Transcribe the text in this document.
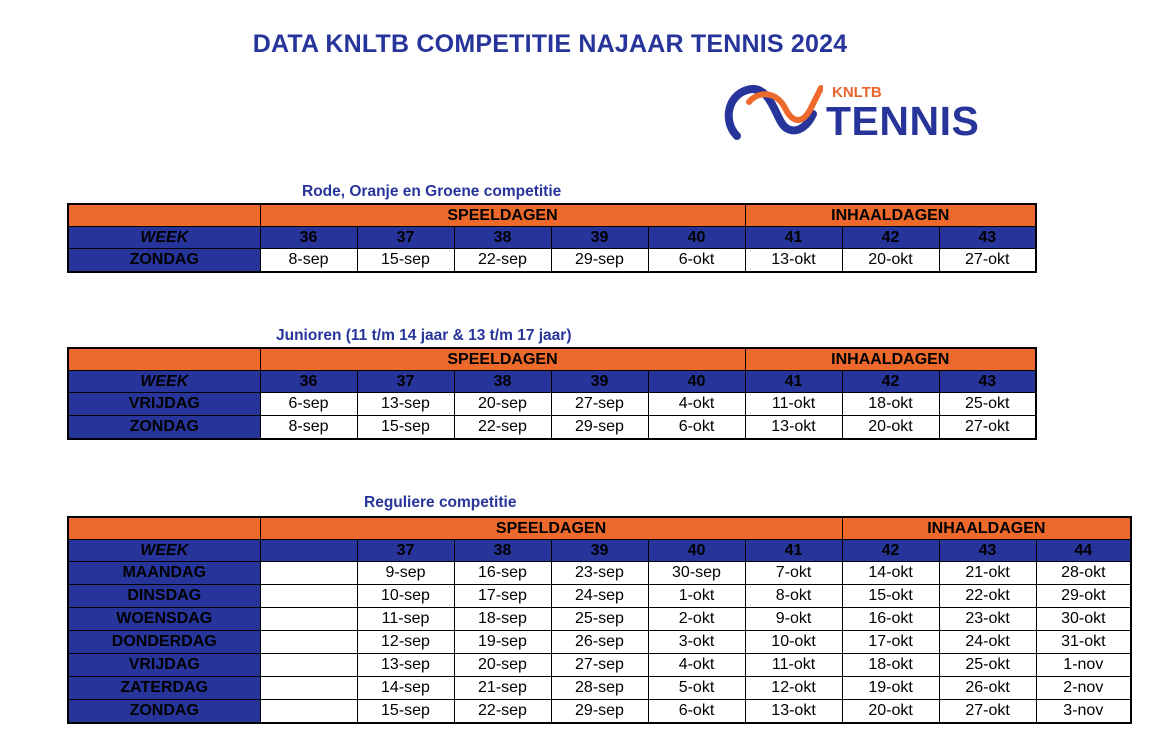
DATA KNLTB COMPETITIE NAJAAR TENNIS 2024
KNLTB
TENNIS
Rode, Oranje en Groene competitie
	SPEELDAGEN					INHAALDAGEN		
WEEK	36	37	38	39	40	41	42	43
ZONDAG	8-sep	15-sep	22-sep	29-sep	6-okt	13-okt	20-okt	27-okt
Junioren (11 t/m 14 jaar & 13 t/m 17 jaar)
	SPEELDAGEN					INHAALDAGEN		
WEEK	36	37	38	39	40	41	42	43
VRIJDAG	6-sep	13-sep	20-sep	27-sep	4-okt	11-okt	18-okt	25-okt
ZONDAG	8-sep	15-sep	22-sep	29-sep	6-okt	13-okt	20-okt	27-okt
Reguliere competitie
	SPEELDAGEN						INHAALDAGEN		
WEEK		37	38	39	40	41	42	43	44
MAANDAG		9-sep	16-sep	23-sep	30-sep	7-okt	14-okt	21-okt	28-okt
DINSDAG		10-sep	17-sep	24-sep	1-okt	8-okt	15-okt	22-okt	29-okt
WOENSDAG		11-sep	18-sep	25-sep	2-okt	9-okt	16-okt	23-okt	30-okt
DONDERDAG		12-sep	19-sep	26-sep	3-okt	10-okt	17-okt	24-okt	31-okt
VRIJDAG		13-sep	20-sep	27-sep	4-okt	11-okt	18-okt	25-okt	1-nov
ZATERDAG		14-sep	21-sep	28-sep	5-okt	12-okt	19-okt	26-okt	2-nov
ZONDAG		15-sep	22-sep	29-sep	6-okt	13-okt	20-okt	27-okt	3-nov
